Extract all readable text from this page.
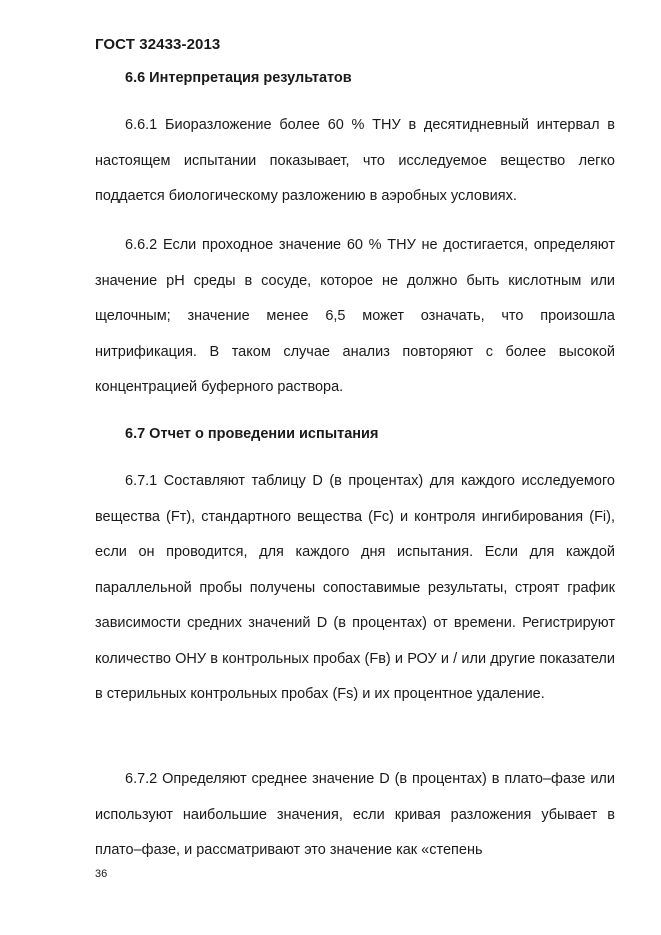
ГОСТ 32433-2013
6.6 Интерпретация результатов

6.6.1 Биоразложение более 60 % ТНУ в десятидневный интервал в настоящем испытании показывает, что исследуемое вещество легко поддается биологическому разложению в аэробных условиях.

6.6.2 Если проходное значение 60 % ТНУ не достигается, определяют значение pH среды в сосуде, которое не должно быть кислотным или щелочным; значение менее 6,5 может означать, что произошла нитрификация. В таком случае анализ повторяют с более высокой концентрацией буферного раствора.

6.7 Отчет о проведении испытания

6.7.1 Составляют таблицу D (в процентах) для каждого исследуемого вещества (Fт), стандартного вещества (Fс) и контроля ингибирования (Fі), если он проводится, для каждого дня испытания. Если для каждой параллельной пробы получены сопоставимые результаты, строят график зависимости средних значений D (в процентах) от времени. Регистрируют количество ОНУ в контрольных пробах (Fв) и РОУ и / или другие показатели в стерильных контрольных пробах (Fs) и их процентное удаление.

6.7.2 Определяют среднее значение D (в процентах) в плато–фазе или используют наибольшие значения, если кривая разложения убывает в плато–фазе, и рассматривают это значение как «степень

36
